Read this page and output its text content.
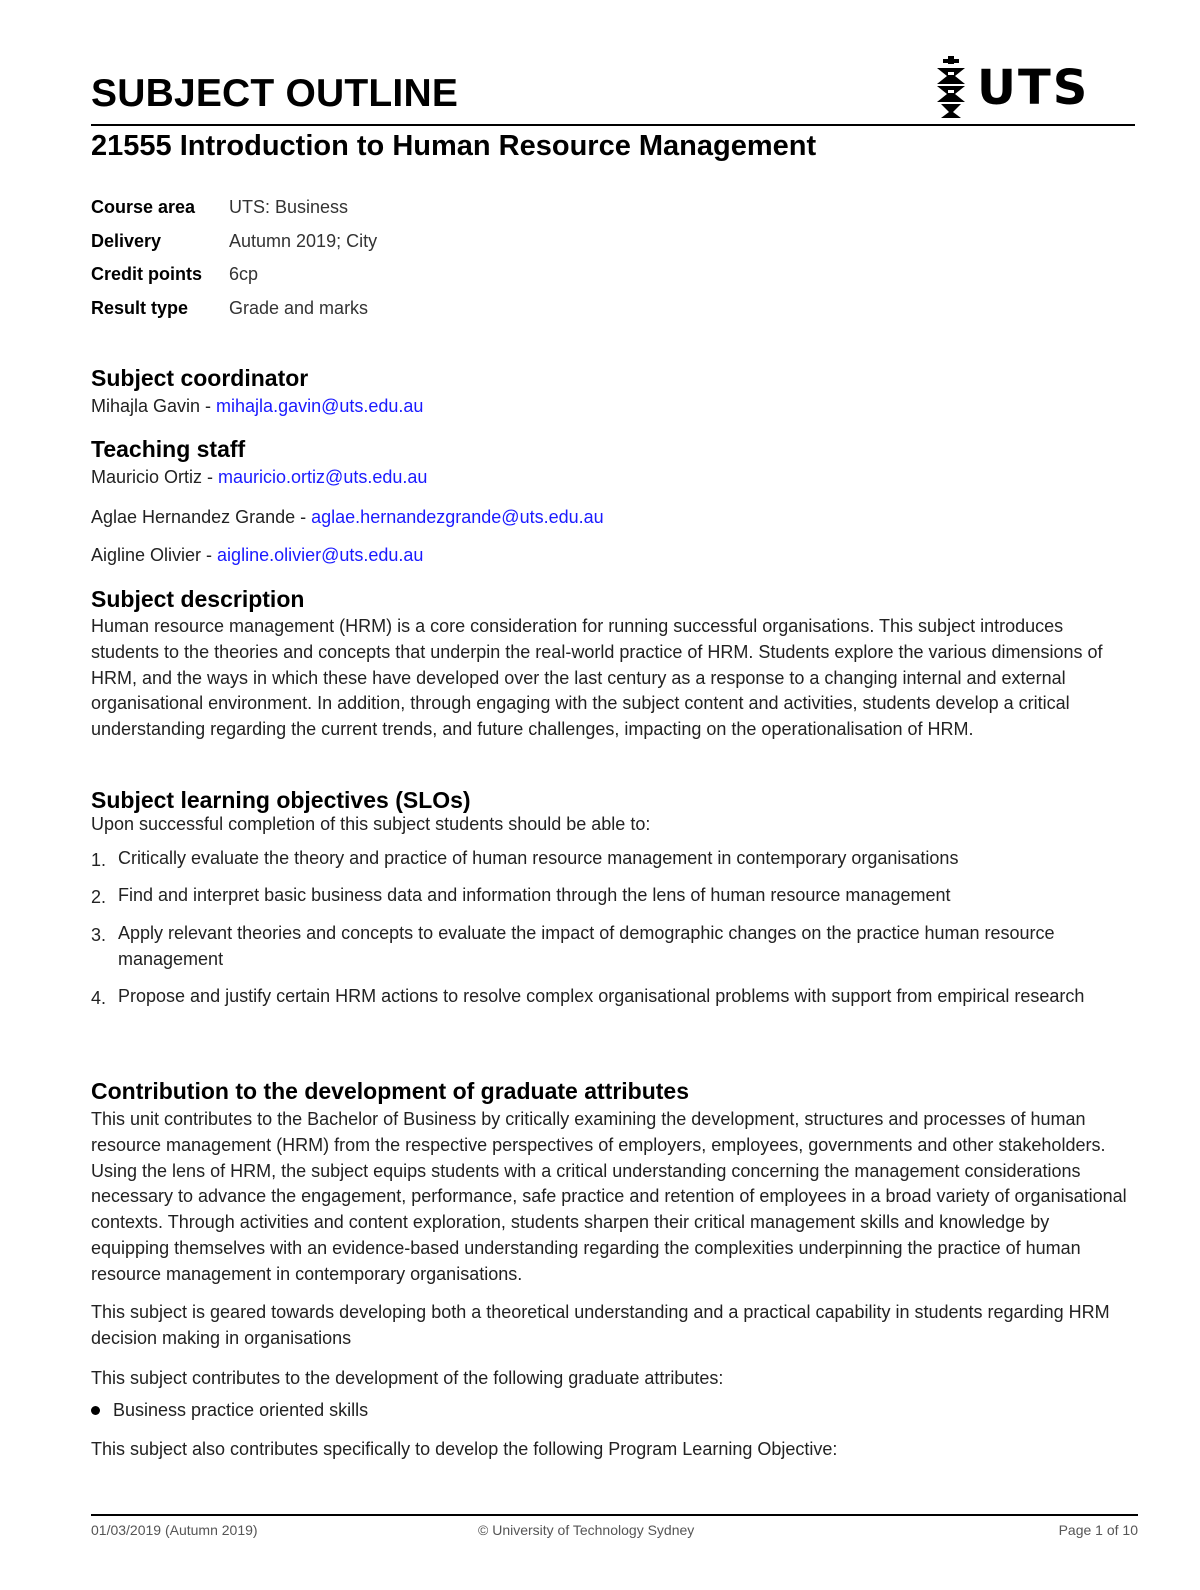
SUBJECT OUTLINE	UTS
21555 Introduction to Human Resource Management
Course area	UTS: Business
Delivery	Autumn 2019; City
Credit points	6cp
Result type	Grade and marks
Subject coordinator
Mihajla Gavin - mihajla.gavin@uts.edu.au
Teaching staff
Mauricio Ortiz - mauricio.ortiz@uts.edu.au
Aglae Hernandez Grande - aglae.hernandezgrande@uts.edu.au
Aigline Olivier - aigline.olivier@uts.edu.au
Subject description

Human resource management (HRM) is a core consideration for running successful organisations. This subject introduces students to the theories and concepts that underpin the real-world practice of HRM. Students explore the various dimensions of HRM, and the ways in which these have developed over the last century as a response to a changing internal and external organisational environment. In addition, through engaging with the subject content and activities, students develop a critical understanding regarding the current trends, and future challenges, impacting on the operationalisation of HRM.

Subject learning objectives (SLOs)

Upon successful completion of this subject students should be able to:

1. Critically evaluate the theory and practice of human resource management in contemporary organisations
2. Find and interpret basic business data and information through the lens of human resource management
3. Apply relevant theories and concepts to evaluate the impact of demographic changes on the practice human resource management
4. Propose and justify certain HRM actions to resolve complex organisational problems with support from empirical research
Contribution to the development of graduate attributes

This unit contributes to the Bachelor of Business by critically examining the development, structures and processes of human resource management (HRM) from the respective perspectives of employers, employees, governments and other stakeholders. Using the lens of HRM, the subject equips students with a critical understanding concerning the management considerations necessary to advance the engagement, performance, safe practice and retention of employees in a broad variety of organisational contexts. Through activities and content exploration, students sharpen their critical management skills and knowledge by equipping themselves with an evidence-based understanding regarding the complexities underpinning the practice of human resource management in contemporary organisations.

This subject is geared towards developing both a theoretical understanding and a practical capability in students regarding HRM decision making in organisations

This subject contributes to the development of the following graduate attributes:

Business practice oriented skills

This subject also contributes specifically to develop the following Program Learning Objective:

01/03/2019 (Autumn 2019)	© University of Technology Sydney	Page 1 of 10
